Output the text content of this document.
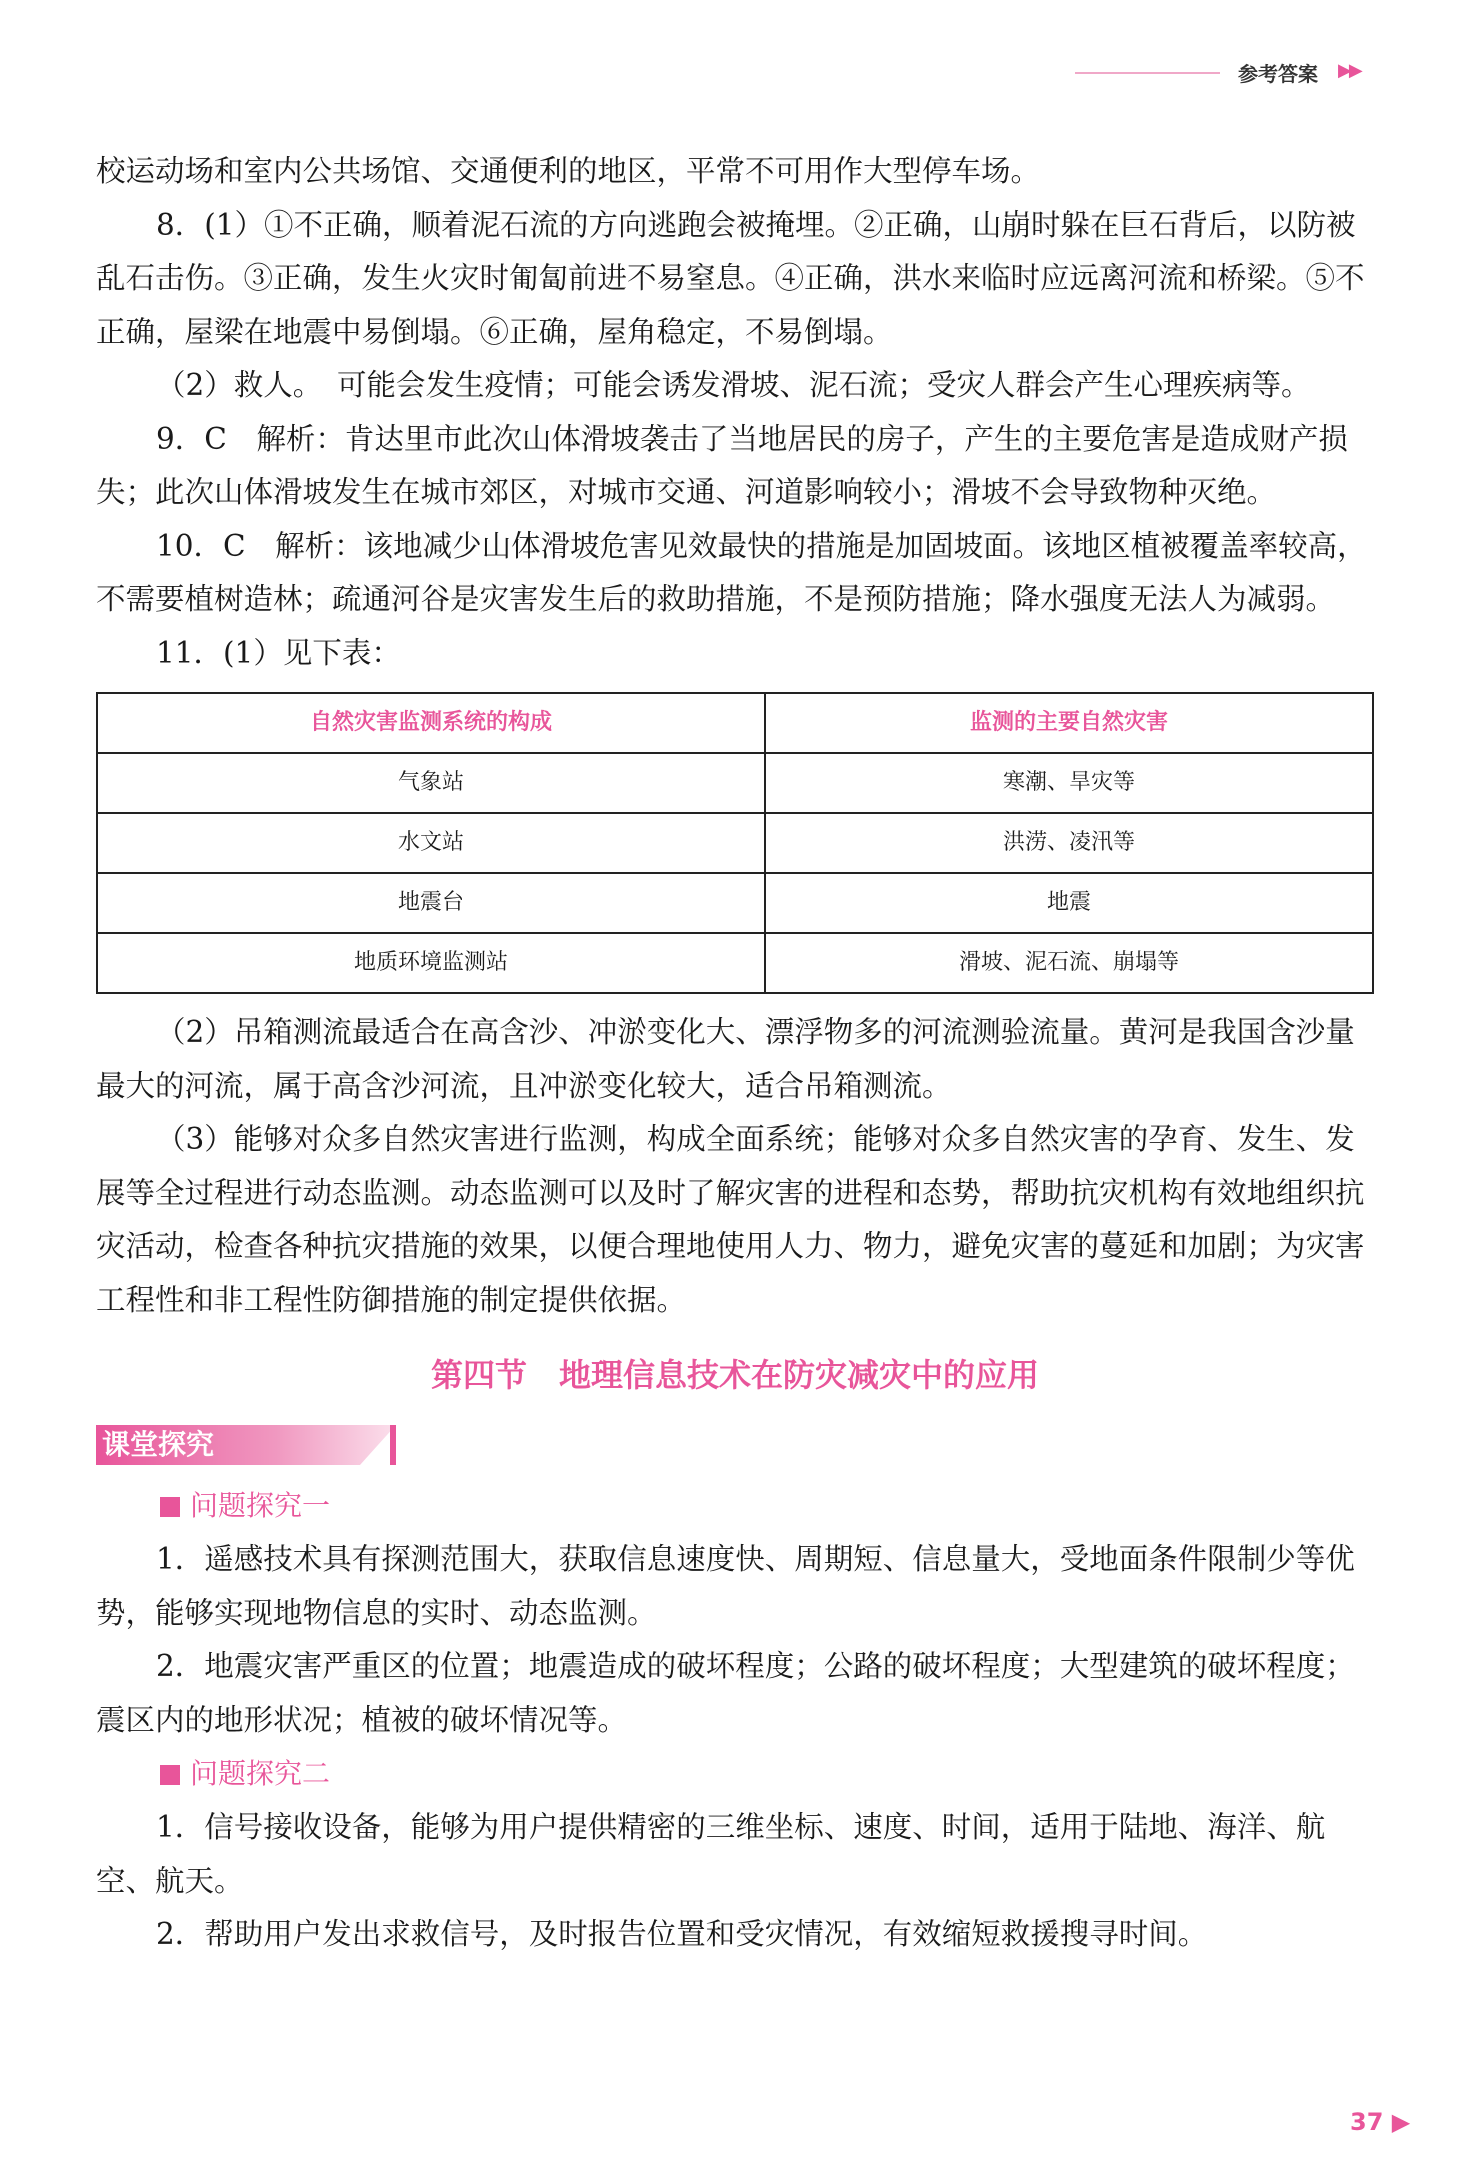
参考答案 ▶▶

校运动场和室内公共场馆、交通便利的地区，平常不可用作大型停车场。

8．(1）①不正确，顺着泥石流的方向逃跑会被掩埋。②正确，山崩时躲在巨石背后，以防被乱石击伤。③正确，发生火灾时匍匐前进不易窒息。④正确，洪水来临时应远离河流和桥梁。⑤不正确，屋梁在地震中易倒塌。⑥正确，屋角稳定，不易倒塌。

（2）救人。　可能会发生疫情；可能会诱发滑坡、泥石流；受灾人群会产生心理疾病等。

9．C　解析：肯达里市此次山体滑坡袭击了当地居民的房子，产生的主要危害是造成财产损失；此次山体滑坡发生在城市郊区，对城市交通、河道影响较小；滑坡不会导致物种灭绝。

10．C　解析：该地减少山体滑坡危害见效最快的措施是加固坡面。该地区植被覆盖率较高，不需要植树造林；疏通河谷是灾害发生后的救助措施，不是预防措施；降水强度无法人为减弱。

11．(1）见下表：

自然灾害监测系统的构成	监测的主要自然灾害
气象站	寒潮、旱灾等
水文站	洪涝、凌汛等
地震台	地震
地质环境监测站	滑坡、泥石流、崩塌等

（2）吊箱测流最适合在高含沙、冲淤变化大、漂浮物多的河流测验流量。黄河是我国含沙量最大的河流，属于高含沙河流，且冲淤变化较大，适合吊箱测流。

（3）能够对众多自然灾害进行监测，构成全面系统；能够对众多自然灾害的孕育、发生、发展等全过程进行动态监测。动态监测可以及时了解灾害的进程和态势，帮助抗灾机构有效地组织抗灾活动，检查各种抗灾措施的效果，以便合理地使用人力、物力，避免灾害的蔓延和加剧；为灾害工程性和非工程性防御措施的制定提供依据。

第四节　地理信息技术在防灾减灾中的应用
课堂探究
问题探究一

1．遥感技术具有探测范围大，获取信息速度快、周期短、信息量大，受地面条件限制少等优势，能够实现地物信息的实时、动态监测。

2．地震灾害严重区的位置；地震造成的破坏程度；公路的破坏程度；大型建筑的破坏程度；震区内的地形状况；植被的破坏情况等。

问题探究二

1．信号接收设备，能够为用户提供精密的三维坐标、速度、时间，适用于陆地、海洋、航空、航天。

2．帮助用户发出求救信号，及时报告位置和受灾情况，有效缩短救援搜寻时间。

37 ▶
